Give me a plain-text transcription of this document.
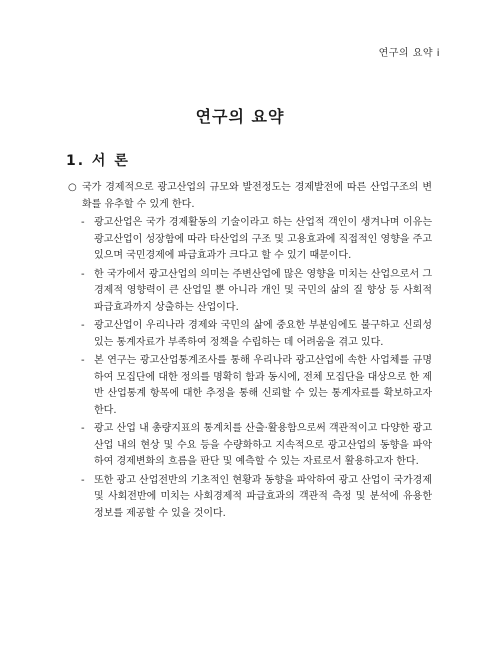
연구의 요약 i
연구의 요약
1. 서 론

○ 국가 경제적으로 광고산업의 규모와 발전정도는 경제발전에 따른 산업구조의 변화를 유추할 수 있게 한다.

- 광고산업은 국가 경제활동의 기술이라고 하는 산업적 객인이 생겨나며 이유는 광고산업이 성장함에 따라 타산업의 구조 및 고용효과에 직접적인 영향을 주고 있으며 국민경제에 파급효과가 크다고 할 수 있기 때문이다.

- 한 국가에서 광고산업의 의미는 주변산업에 많은 영향을 미치는 산업으로서 그 경제적 영향력이 큰 산업일 뿐 아니라 개인 및 국민의 삶의 질 향상 등 사회적 파급효과까지 상출하는 산업이다.

- 광고산업이 우리나라 경제와 국민의 삶에 중요한 부분임에도 불구하고 신뢰성 있는 통계자료가 부족하여 정책을 수립하는 데 어려움을 겪고 있다.

- 본 연구는 광고산업통계조사를 통해 우리나라 광고산업에 속한 사업체를 규명하여 모집단에 대한 정의를 명확히 함과 동시에, 전체 모집단을 대상으로 한 제반 산업통계 항목에 대한 추정을 통해 신뢰할 수 있는 통계자료를 확보하고자 한다.

- 광고 산업 내 총량지표의 통계치를 산출·활용함으로써 객관적이고 다양한 광고 산업 내의 현상 및 수요 등을 수량화하고 지속적으로 광고산업의 동향을 파악하여 경제변화의 흐름을 판단 및 예측할 수 있는 자료로서 활용하고자 한다.

- 또한 광고 산업전반의 기초적인 현황과 동향을 파악하여 광고 산업이 국가경제 및 사회전반에 미치는 사회경제적 파급효과의 객관적 측정 및 분석에 유용한 정보를 제공할 수 있을 것이다.
